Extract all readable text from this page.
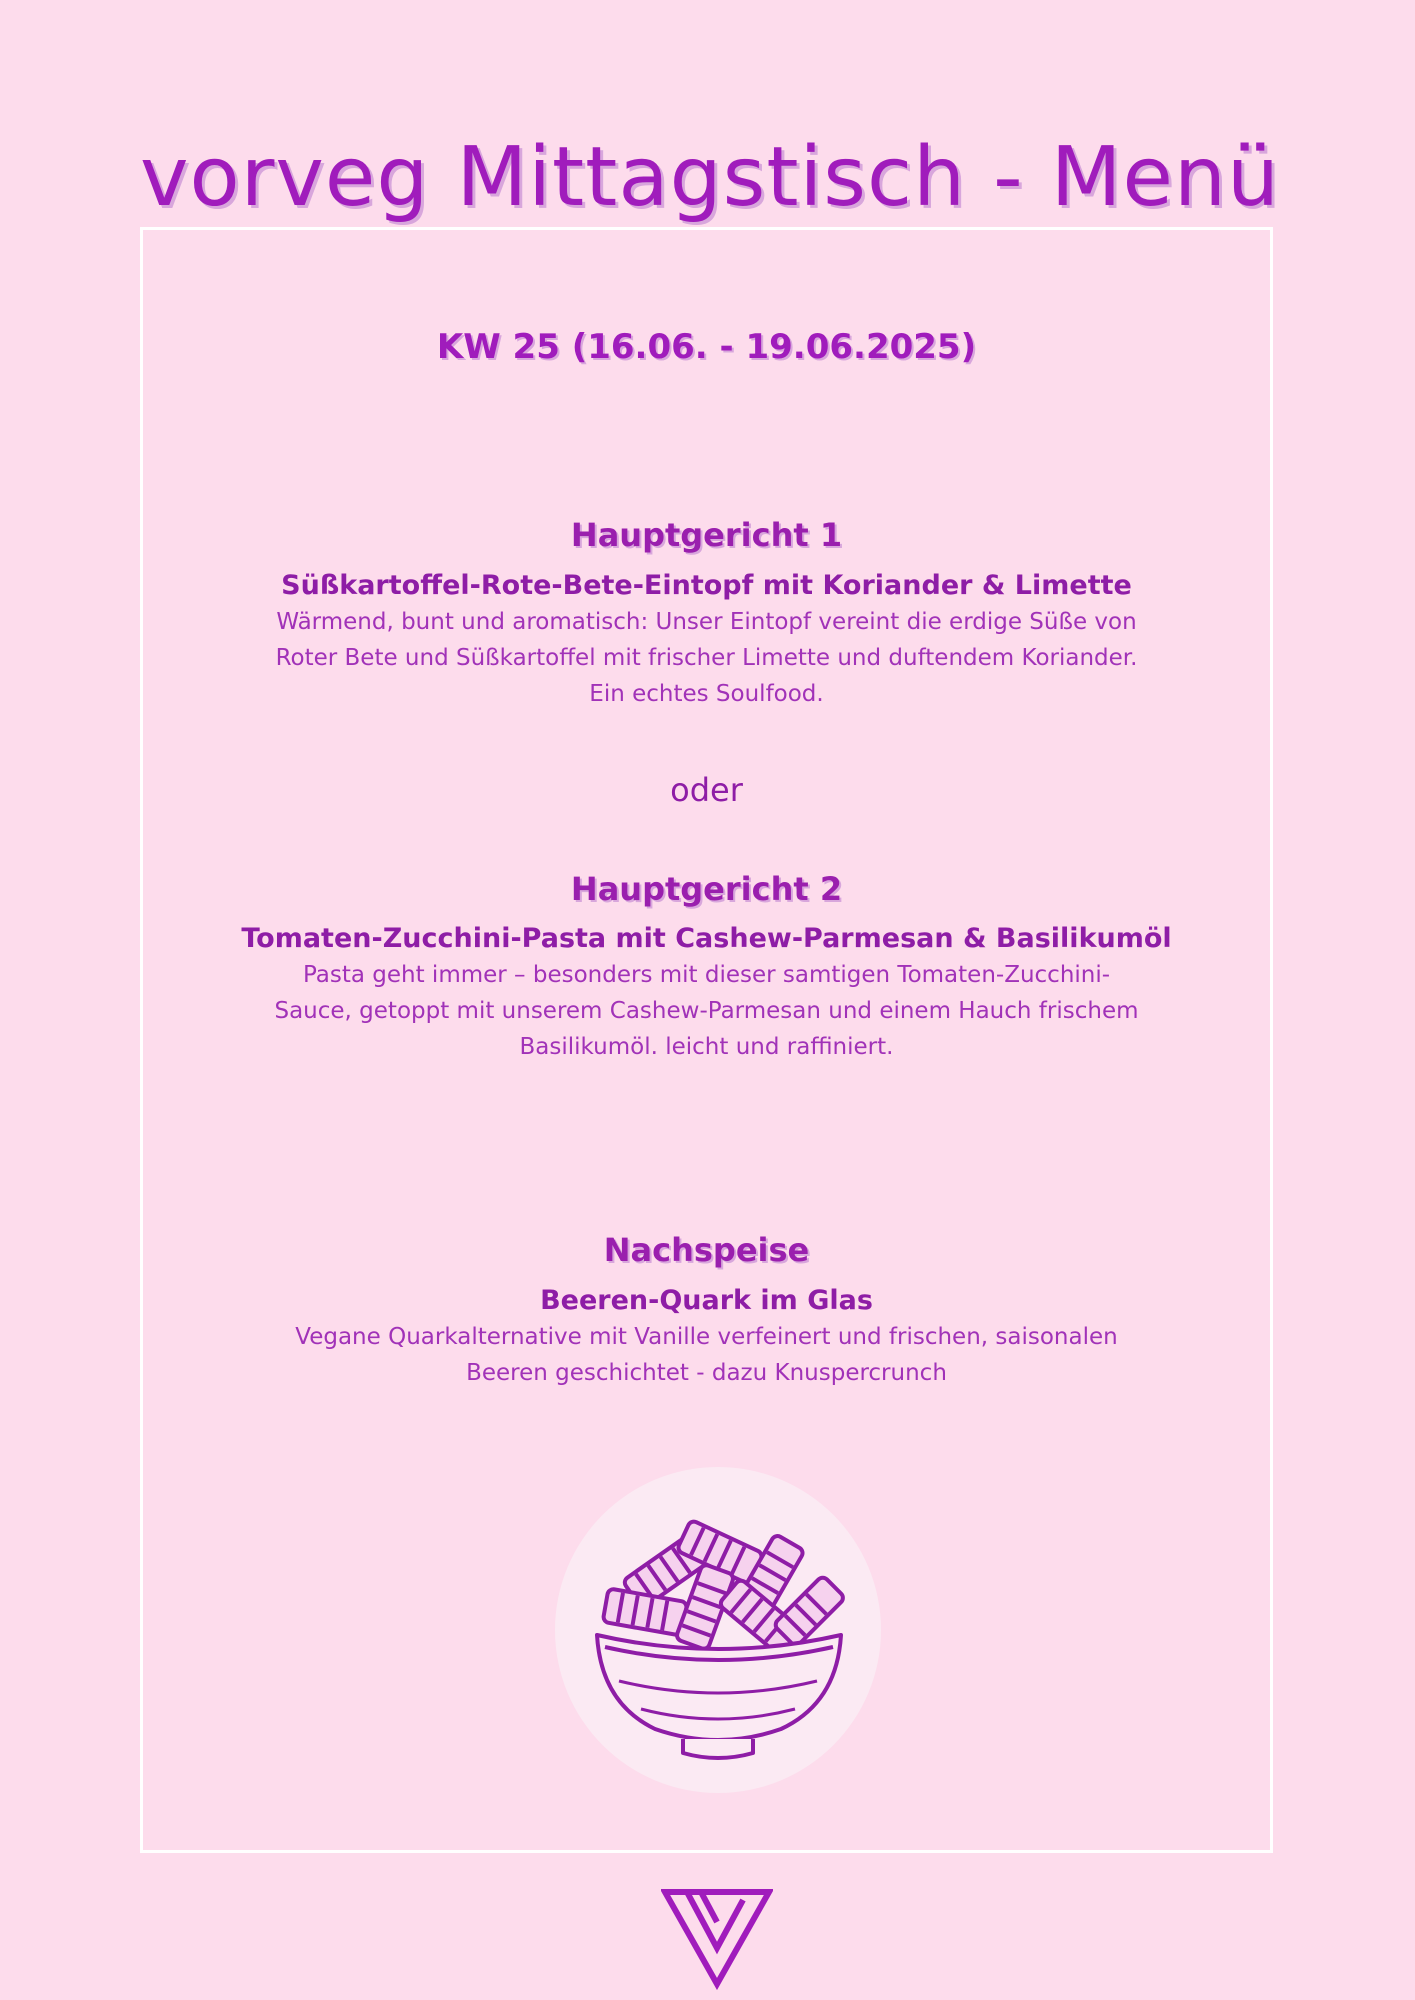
vorveg Mittagstisch - Menü
KW 25 (16.06. - 19.06.2025)
Hauptgericht 1
Süßkartoffel-Rote-Bete-Eintopf mit Koriander & Limette
Wärmend, bunt und aromatisch: Unser Eintopf vereint die erdige Süße von Roter Bete und Süßkartoffel mit frischer Limette und duftendem Koriander. Ein echtes Soulfood.
oder
Hauptgericht 2
Tomaten-Zucchini-Pasta mit Cashew-Parmesan & Basilikumöl
Pasta geht immer – besonders mit dieser samtigen Tomaten-Zucchini-Sauce, getoppt mit unserem Cashew-Parmesan und einem Hauch frischem Basilikumöl. leicht und raffiniert.
Nachspeise
Beeren-Quark im Glas
Vegane Quarkalternative mit Vanille verfeinert und frischen, saisonalen Beeren geschichtet - dazu Knuspercrunch
